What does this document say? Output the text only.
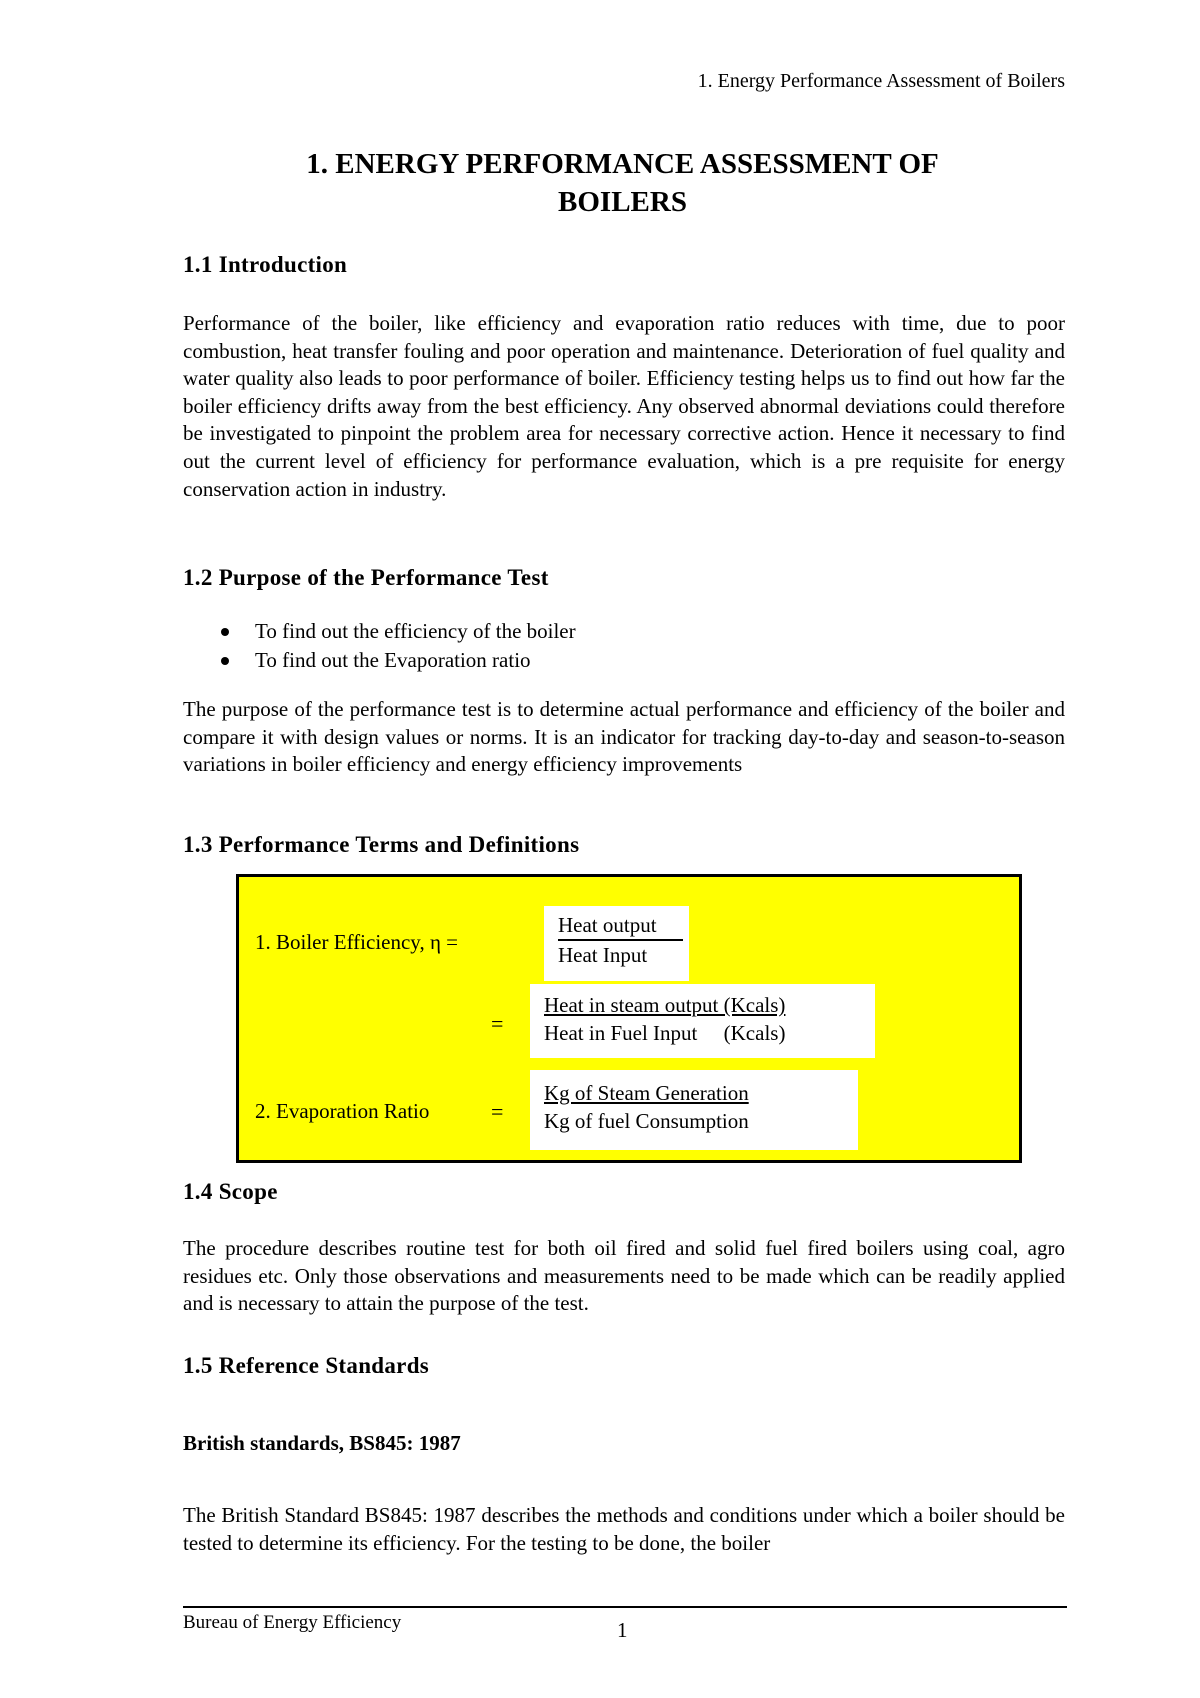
1. Energy Performance Assessment of Boilers
1. ENERGY PERFORMANCE ASSESSMENT OF
BOILERS
1.1 Introduction
Performance of the boiler, like efficiency and evaporation ratio reduces with time, due to poor combustion, heat transfer fouling and poor operation and maintenance. Deterioration of fuel quality and water quality also leads to poor performance of boiler. Efficiency testing helps us to find out how far the boiler efficiency drifts away from the best efficiency. Any observed abnormal deviations could therefore be investigated to pinpoint the problem area for necessary corrective action. Hence it necessary to find out the current level of efficiency for performance evaluation, which is a pre requisite for energy conservation action in industry.
1.2 Purpose of the Performance Test
To find out the efficiency of the boiler
To find out the Evaporation ratio
The purpose of the performance test is to determine actual performance and efficiency of the boiler and compare it with design values or norms. It is an indicator for tracking day-to-day and season-to-season variations in boiler efficiency and energy efficiency improvements
1.3 Performance Terms and Definitions
1. Boiler Efficiency, η =
Heat output
Heat Input
=
Heat in steam output (Kcals)
Heat in Fuel Input     (Kcals)
2. Evaporation Ratio	=
Kg of Steam Generation
Kg of fuel Consumption
1.4 Scope
The procedure describes routine test for both oil fired and solid fuel fired boilers using coal, agro residues etc. Only those observations and measurements need to be made which can be readily applied and is necessary to attain the purpose of the test.
1.5 Reference Standards
British standards, BS845: 1987
The British Standard BS845: 1987 describes the methods and conditions under which a boiler should be tested to determine its efficiency. For the testing to be done, the boiler
Bureau of Energy Efficiency	1
